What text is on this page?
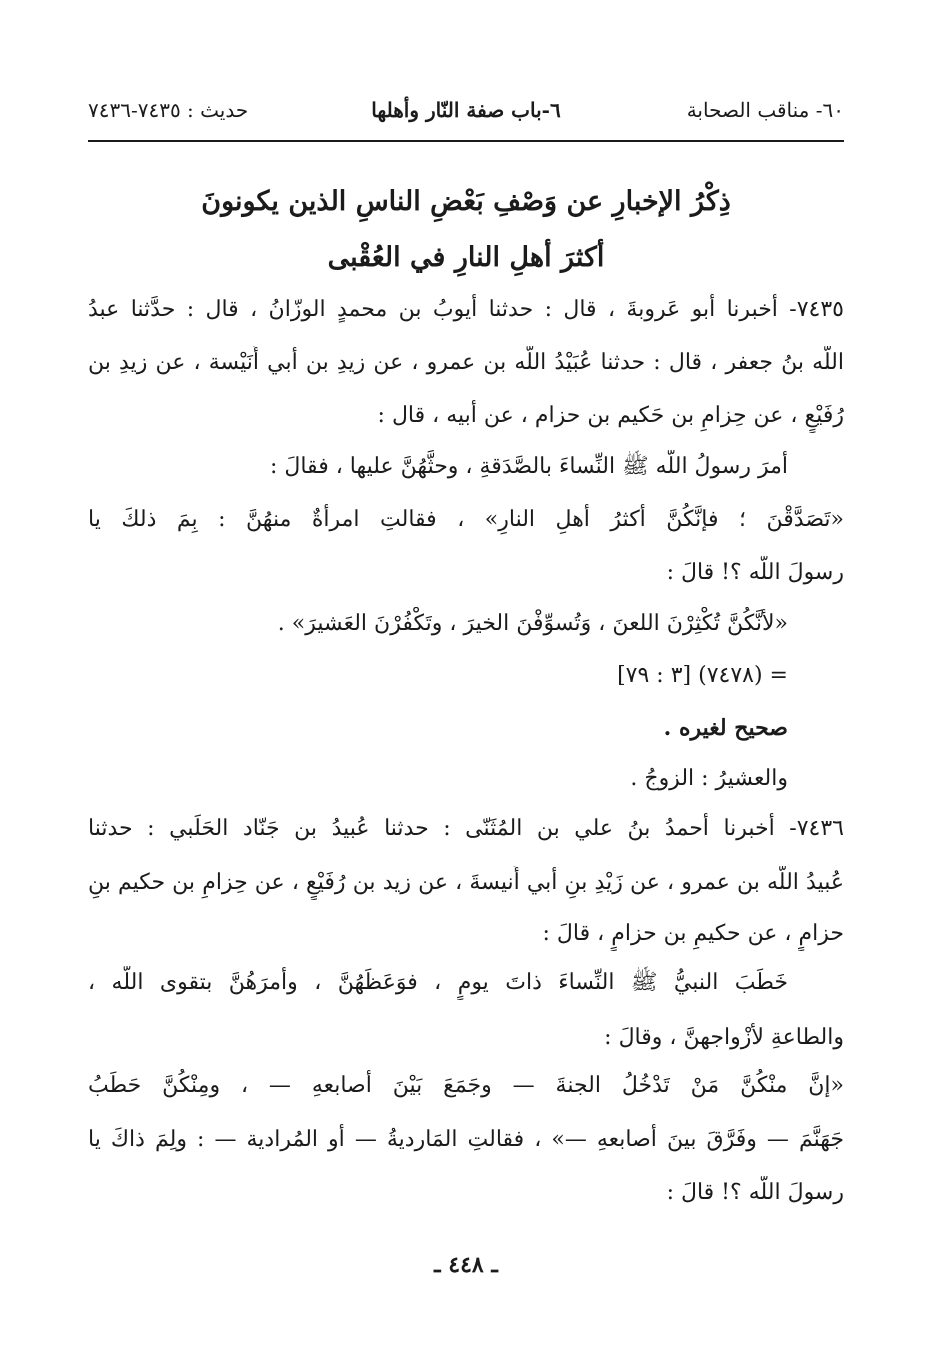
٦٠- مناقب الصحابة
٦-باب صفة النّار وأهلها
حديث : ٧٤٣٥-٧٤٣٦
ذِكْرُ الإخبارِ عن وَصْفِ بَعْضِ الناسِ الذين يكونونَ
أكثرَ أهلِ النارِ في العُقْبى
٧٤٣٥- أخبرنا أبو عَروبةَ ، قال : حدثنا أيوبُ بن محمدٍ الوزّانُ ، قال : حدَّثنا عبدُ
اللّه بنُ جعفر ، قال : حدثنا عُبَيْدُ اللّه بن عمرو ، عن زيدِ بن أبي أُنَيْسة ، عن زيدِ بن
رُفَيْعٍ ، عن حِزامِ بن حَكيم بن حزام ، عن أبيه ، قال :
أمرَ رسولُ اللّه ﷺ النِّساءَ بالصَّدَقةِ ، وحثَّهُنَّ عليها ، فقالَ :
«تَصَدَّقْنَ ؛ فإنَّكُنَّ أكثرُ أهلِ النارِ» ، فقالتِ امرأةٌ منهُنَّ : بِمَ ذلكَ يا
رسولَ اللّه ؟! قالَ :
«لأنَّكُنَّ تُكْثِرْنَ اللعنَ ، وَتُسوِّفْنَ الخيرَ ، وتَكْفُرْنَ العَشيرَ» .
= (٧٤٧٨) [٣ : ٧٩]
صحيح لغيره .
والعشيرُ : الزوجُ .
٧٤٣٦- أخبرنا أحمدُ بنُ علي بن المُثَنّى : حدثنا عُبيدُ بن جَنّاد الحَلَبي : حدثنا
عُبيدُ اللّه بن عمرو ، عن زَيْدِ بنِ أبي أُنيسةَ ، عن زيد بن رُفَيْعٍ ، عن حِزامِ بن حكيم بنِ
حزامٍ ، عن حكيمِ بن حزامٍ ، قالَ :
خَطَبَ النبيُّ ﷺ النِّساءَ ذاتَ يومٍ ، فوَعَظَهُنَّ ، وأمرَهُنَّ بتقوى اللّه ،
والطاعةِ لأزْواجهنَّ ، وقالَ :
«إنَّ منْكُنَّ مَنْ تَدْخُلُ الجنةَ — وجَمَعَ بَيْنَ أصابعهِ — ، ومِنْكُنَّ حَطَبُ
جَهَنَّمَ — وفَرَّقَ بينَ أصابعهِ —» ، فقالتِ المَارديةُ — أو المُرادية — : ولِمَ ذاكَ يا
رسولَ اللّه ؟! قالَ :
ـ ٤٤٨ ـ
